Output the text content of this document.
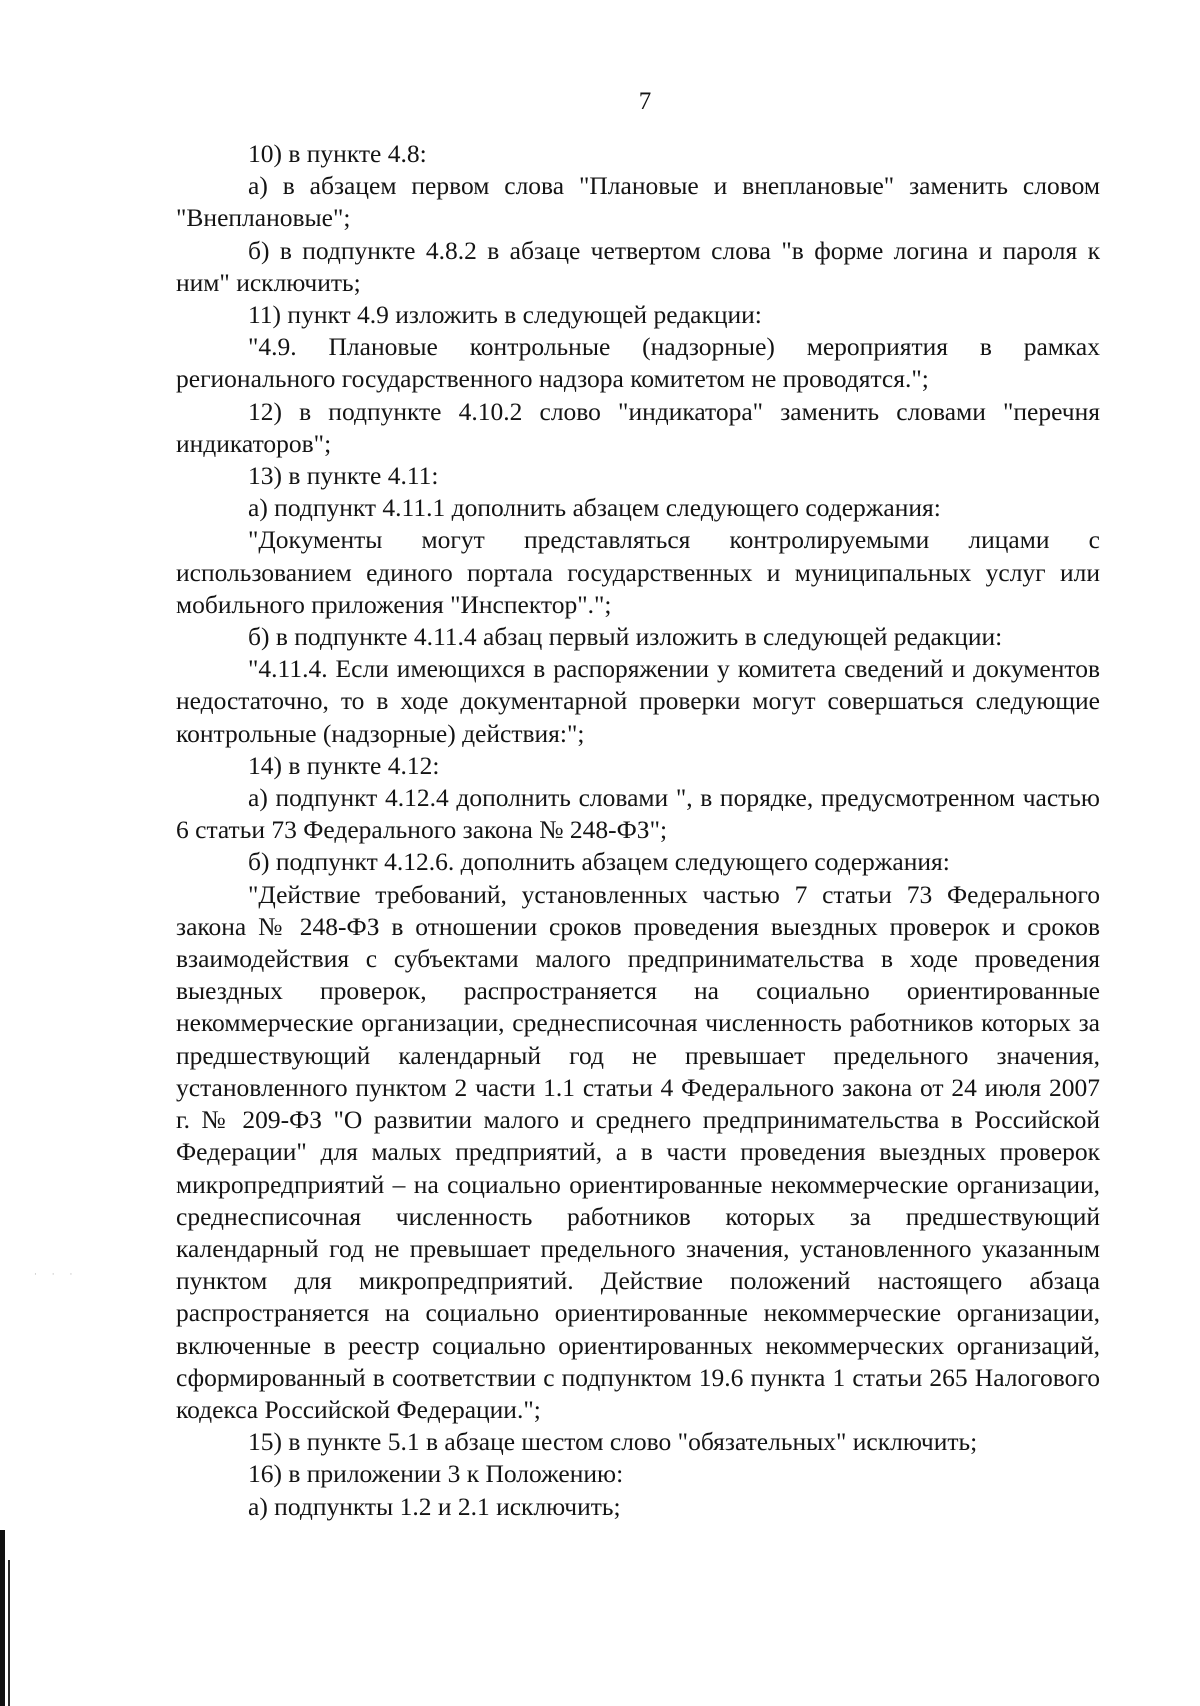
7

10) в пункте 4.8:

а) в абзацем первом слова "Плановые и внеплановые" заменить словом "Внеплановые";

б) в подпункте 4.8.2 в абзаце четвертом слова "в форме логина и пароля к ним" исключить;

11) пункт 4.9 изложить в следующей редакции:

"4.9. Плановые контрольные (надзорные) мероприятия в рамках регионального государственного надзора комитетом не проводятся.";

12) в подпункте 4.10.2 слово "индикатора" заменить словами "перечня индикаторов";

13) в пункте 4.11:

а) подпункт 4.11.1 дополнить абзацем следующего содержания:

"Документы могут представляться контролируемыми лицами с использованием единого портала государственных и муниципальных услуг или мобильного приложения "Инспектор".";

б) в подпункте 4.11.4 абзац первый изложить в следующей редакции:

"4.11.4. Если имеющихся в распоряжении у комитета сведений и документов недостаточно, то в ходе документарной проверки могут совершаться следующие контрольные (надзорные) действия:";

14) в пункте 4.12:

а) подпункт 4.12.4 дополнить словами ", в порядке, предусмотренном частью 6 статьи 73 Федерального закона № 248-ФЗ";

б) подпункт 4.12.6. дополнить абзацем следующего содержания:

"Действие требований, установленных частью 7 статьи 73 Федерального закона № 248-ФЗ в отношении сроков проведения выездных проверок и сроков взаимодействия с субъектами малого предпринимательства в ходе проведения выездных проверок, распространяется на социально ориентированные некоммерческие организации, среднесписочная численность работников которых за предшествующий календарный год не превышает предельного значения, установленного пунктом 2 части 1.1 статьи 4 Федерального закона от 24 июля 2007 г. № 209-ФЗ "О развитии малого и среднего предпринимательства в Российской Федерации" для малых предприятий, а в части проведения выездных проверок микропредприятий – на социально ориентированные некоммерческие организации, среднесписочная численность работников которых за предшествующий календарный год не превышает предельного значения, установленного указанным пунктом для микропредприятий. Действие положений настоящего абзаца распространяется на социально ориентированные некоммерческие организации, включенные в реестр социально ориентированных некоммерческих организаций, сформированный в соответствии с подпунктом 19.6 пункта 1 статьи 265 Налогового кодекса Российской Федерации.";

15) в пункте 5.1 в абзаце шестом слово "обязательных" исключить;

16) в приложении 3 к Положению:

а) подпункты 1.2 и 2.1 исключить;

· · ·
